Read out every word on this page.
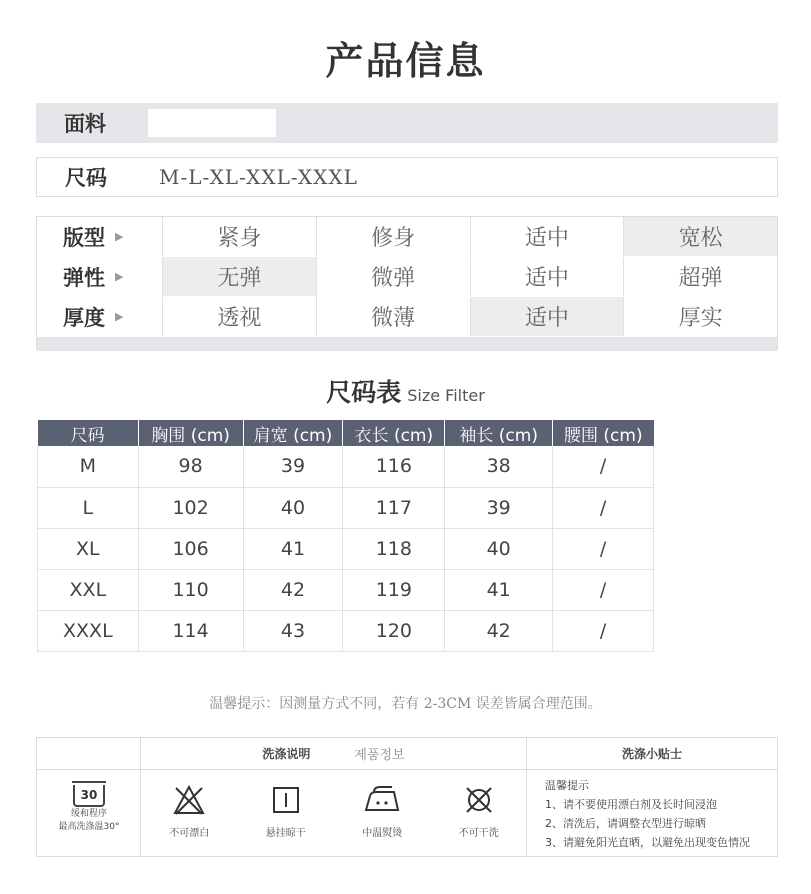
产品信息
面料
尺码	M-L-XL-XXL-XXXL
版型 ▶	紧身	修身	适中	宽松
弹性 ▶	无弹	微弹	适中	超弹
厚度 ▶	透视	微薄	适中	厚实
尺码表 Size Filter
尺码	胸围 (cm)	肩宽 (cm)	衣长 (cm)	袖长 (cm)	腰围 (cm)
M	98	39	116	38	/
L	102	40	117	39	/
XL	106	41	118	40	/
XXL	110	42	119	41	/
XXXL	114	43	120	42	/
温馨提示：因测量方式不同，若有 2-3CM 误差皆属合理范围。
30
缓和程序
最高洗涤温30°
洗涤说明	제품정보
不可漂白	悬挂晾干	中温熨烫	不可干洗
洗涤小贴士
温馨提示
1、请不要使用漂白剂及长时间浸泡
2、清洗后，请调整衣型进行晾晒
3、请避免阳光直晒，以避免出现变色情况
